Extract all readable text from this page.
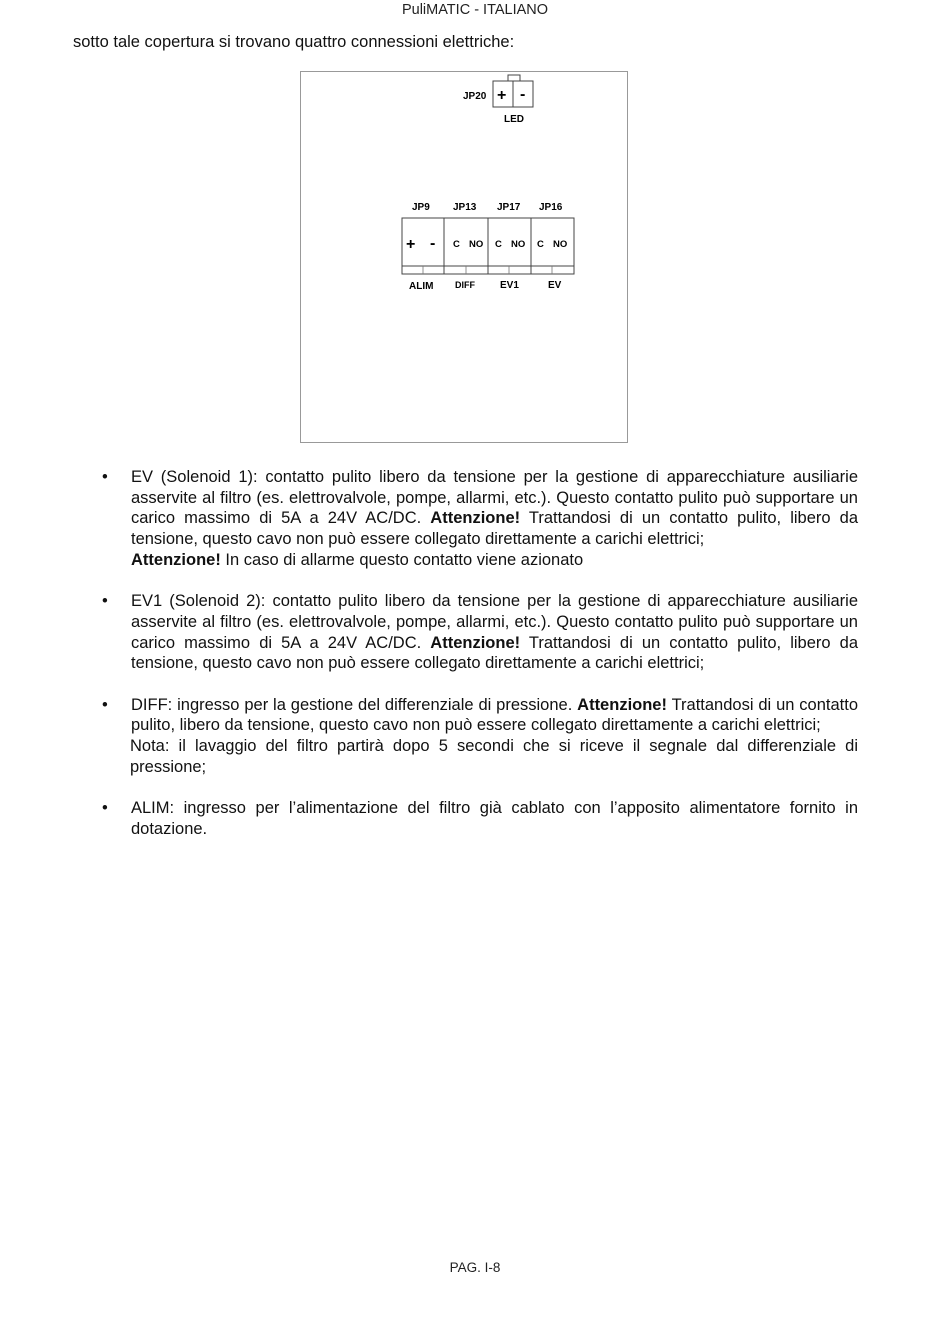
PuliMATIC - ITALIANO
sotto tale copertura si trovano quattro connessioni elettriche:
JP20 + -
LED
JP9 JP13 JP17 JP16
+ - C NO C NO C NO
ALIM DIFF	EV1	EV
• EV (Solenoid 1): contatto pulito libero da tensione per la gestione di apparecchiature ausiliarie asservite al filtro (es. elettrovalvole, pompe, allarmi, etc.). Questo contatto pulito può supportare un carico massimo di 5A a 24V AC/DC. Attenzione! Trattandosi di un contatto pulito, libero da tensione, questo cavo non può essere collegato direttamente a carichi elettrici;
Attenzione! In caso di allarme questo contatto viene azionato
• EV1 (Solenoid 2): contatto pulito libero da tensione per la gestione di apparecchiature ausiliarie asservite al filtro (es. elettrovalvole, pompe, allarmi, etc.). Questo contatto pulito può supportare un carico massimo di 5A a 24V AC/DC. Attenzione! Trattandosi di un contatto pulito, libero da tensione, questo cavo non può essere collegato direttamente a carichi elettrici;
• DIFF: ingresso per la gestione del differenziale di pressione. Attenzione! Trattandosi di un contatto pulito, libero da tensione, questo cavo non può essere collegato direttamente a carichi elettrici;
Nota: il lavaggio del filtro partirà dopo 5 secondi che si riceve il segnale dal differenziale di pressione;
• ALIM: ingresso per l’alimentazione del filtro già cablato con l’apposito alimentatore fornito in dotazione.
PAG. I-8
